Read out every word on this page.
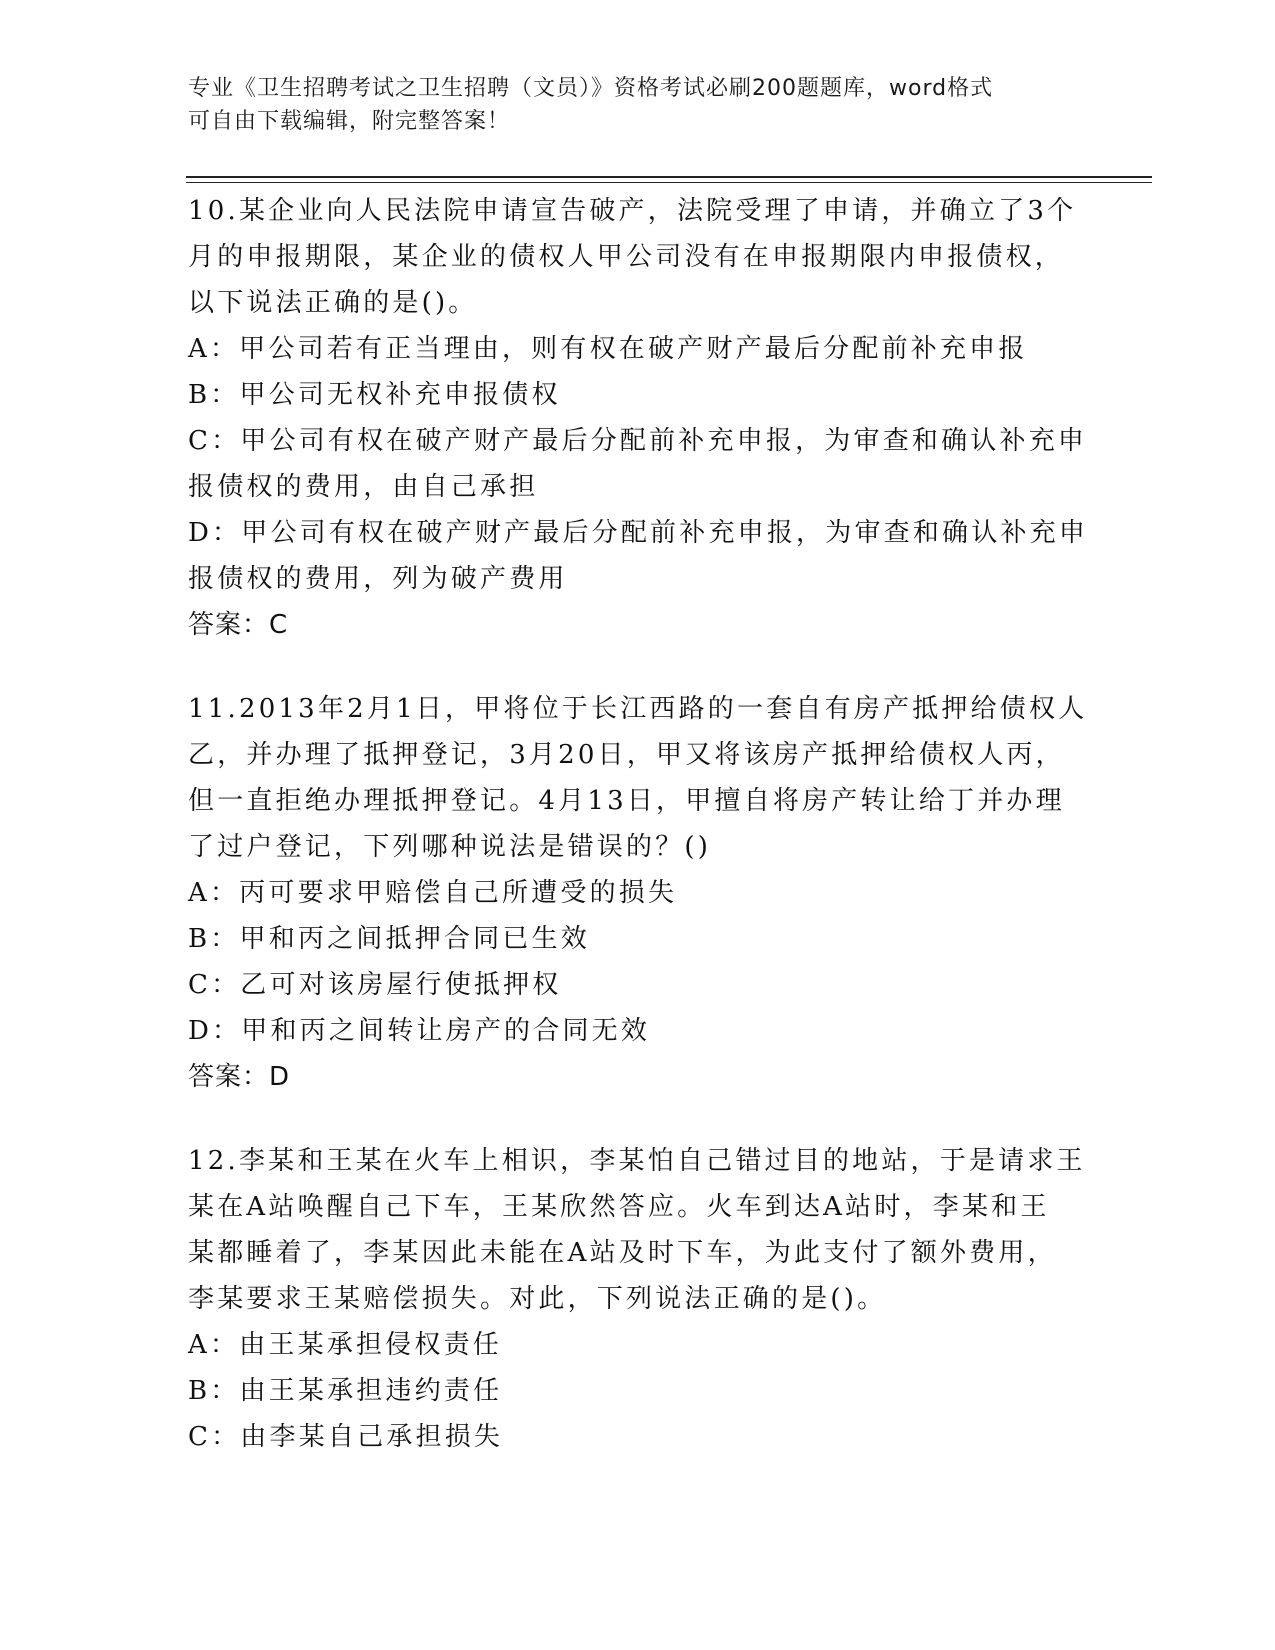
专业《卫生招聘考试之卫生招聘（文员）》资格考试必刷200题题库，word格式
可自由下载编辑，附完整答案！
10.某企业向人民法院申请宣告破产，法院受理了申请，并确立了3个
月的申报期限，某企业的债权人甲公司没有在申报期限内申报债权，
以下说法正确的是()。
A：甲公司若有正当理由，则有权在破产财产最后分配前补充申报
B：甲公司无权补充申报债权
C：甲公司有权在破产财产最后分配前补充申报，为审查和确认补充申
报债权的费用，由自己承担
D：甲公司有权在破产财产最后分配前补充申报，为审查和确认补充申
报债权的费用，列为破产费用
答案：C
11.2013年2月1日，甲将位于长江西路的一套自有房产抵押给债权人
乙，并办理了抵押登记，3月20日，甲又将该房产抵押给债权人丙，
但一直拒绝办理抵押登记。4月13日，甲擅自将房产转让给丁并办理
了过户登记，下列哪种说法是错误的？()
A：丙可要求甲赔偿自己所遭受的损失
B：甲和丙之间抵押合同已生效
C：乙可对该房屋行使抵押权
D：甲和丙之间转让房产的合同无效
答案：D
12.李某和王某在火车上相识，李某怕自己错过目的地站，于是请求王
某在A站唤醒自己下车，王某欣然答应。火车到达A站时，李某和王
某都睡着了，李某因此未能在A站及时下车，为此支付了额外费用，
李某要求王某赔偿损失。对此，下列说法正确的是()。
A：由王某承担侵权责任
B：由王某承担违约责任
C：由李某自己承担损失
